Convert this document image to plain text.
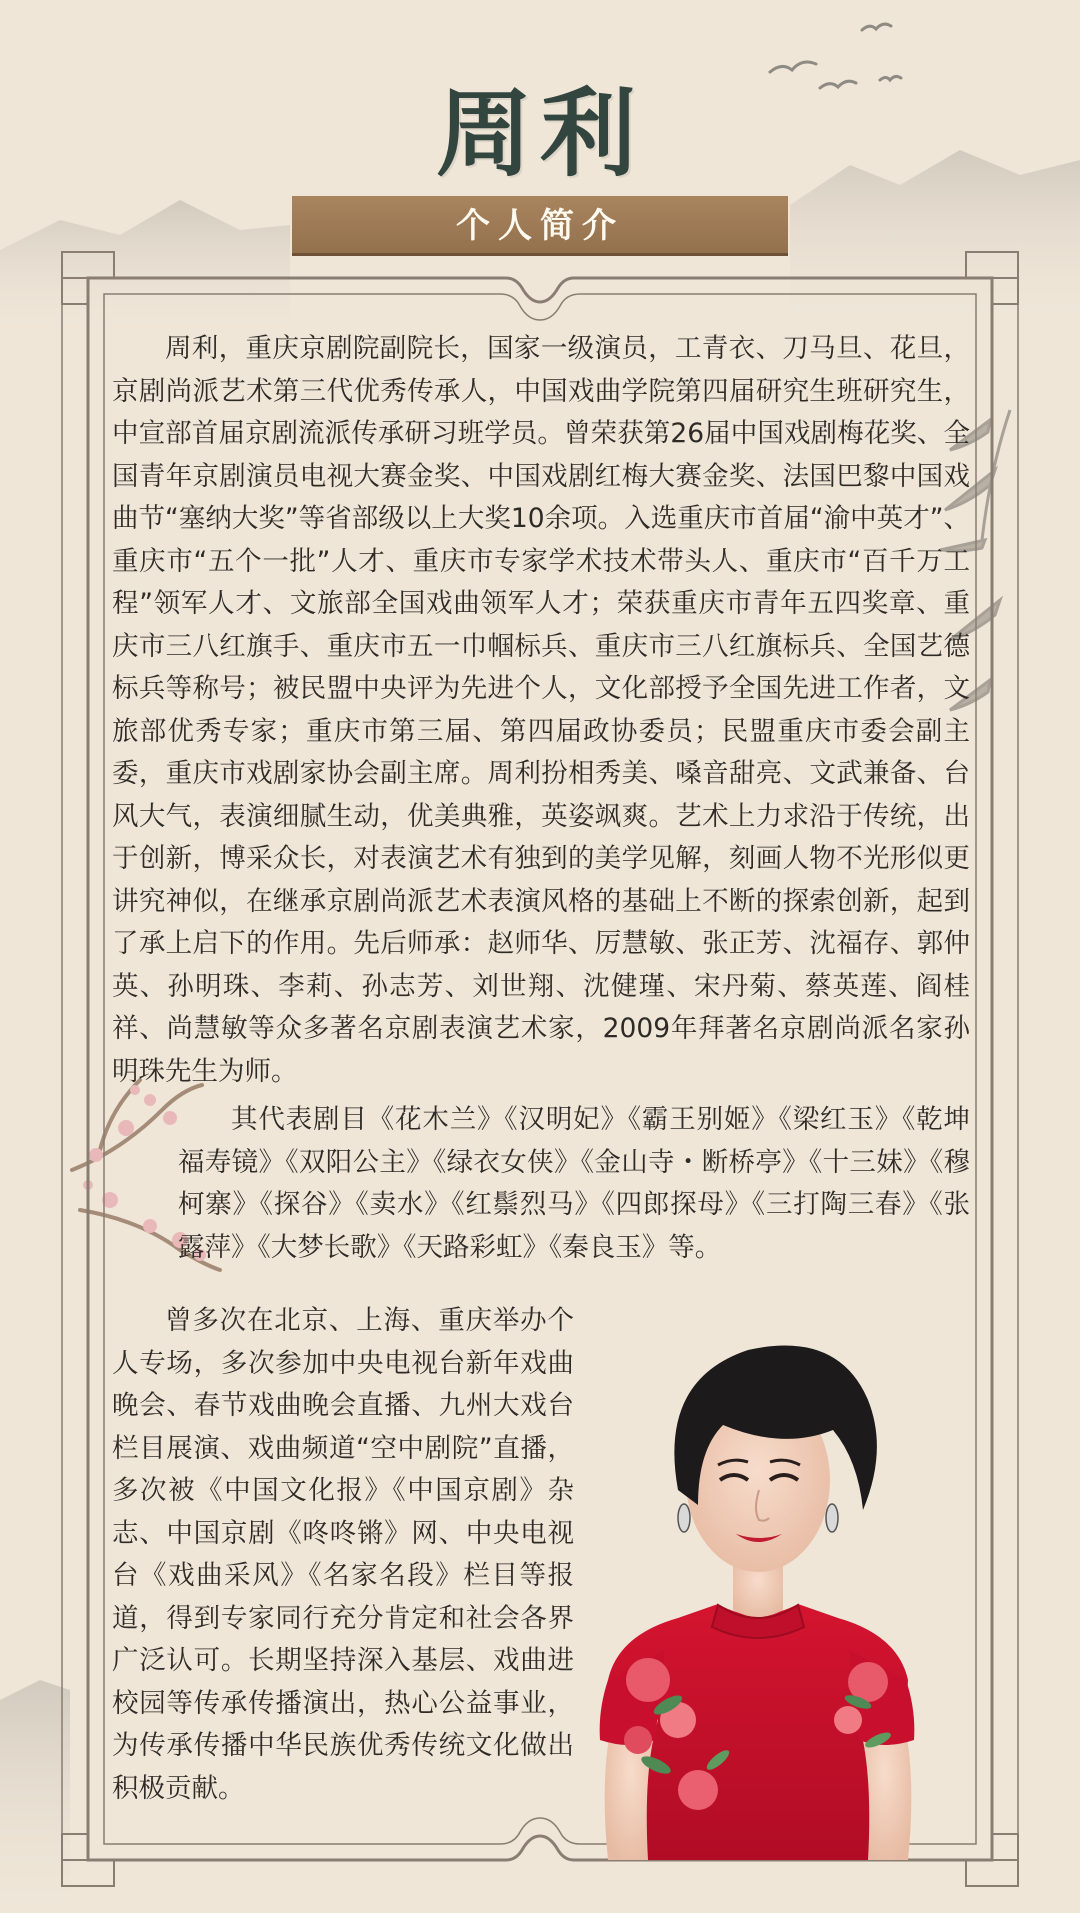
周利
个人简介

周利，重庆京剧院副院长，国家一级演员，工青衣、刀马旦、花旦，京剧尚派艺术第三代优秀传承人，中国戏曲学院第四届研究生班研究生，中宣部首届京剧流派传承研习班学员。曾荣获第26届中国戏剧梅花奖、全国青年京剧演员电视大赛金奖、中国戏剧红梅大赛金奖、法国巴黎中国戏曲节“塞纳大奖”等省部级以上大奖10余项。入选重庆市首届“渝中英才”、重庆市“五个一批”人才、重庆市专家学术技术带头人、重庆市“百千万工程”领军人才、文旅部全国戏曲领军人才；荣获重庆市青年五四奖章、重庆市三八红旗手、重庆市五一巾帼标兵、重庆市三八红旗标兵、全国艺德标兵等称号；被民盟中央评为先进个人，文化部授予全国先进工作者，文旅部优秀专家；重庆市第三届、第四届政协委员；民盟重庆市委会副主委，重庆市戏剧家协会副主席。周利扮相秀美、嗓音甜亮、文武兼备、台风大气，表演细腻生动，优美典雅，英姿飒爽。艺术上力求沿于传统，出于创新，博采众长，对表演艺术有独到的美学见解，刻画人物不光形似更讲究神似，在继承京剧尚派艺术表演风格的基础上不断的探索创新，起到了承上启下的作用。先后师承：赵师华、厉慧敏、张正芳、沈福存、郭仲英、孙明珠、李莉、孙志芳、刘世翔、沈健瑾、宋丹菊、蔡英莲、阎桂祥、尚慧敏等众多著名京剧表演艺术家，2009年拜著名京剧尚派名家孙明珠先生为师。

其代表剧目《花木兰》《汉明妃》《霸王别姬》《梁红玉》《乾坤福寿镜》《双阳公主》《绿衣女侠》《金山寺・断桥亭》《十三妹》《穆柯寨》《探谷》《卖水》《红鬃烈马》《四郎探母》《三打陶三春》《张露萍》《大梦长歌》《天路彩虹》《秦良玉》等。

曾多次在北京、上海、重庆举办个人专场，多次参加中央电视台新年戏曲晚会、春节戏曲晚会直播、九州大戏台栏目展演、戏曲频道“空中剧院”直播，多次被《中国文化报》《中国京剧》杂志、中国京剧《咚咚锵》网、中央电视台《戏曲采风》《名家名段》栏目等报道，得到专家同行充分肯定和社会各界广泛认可。长期坚持深入基层、戏曲进校园等传承传播演出，热心公益事业，为传承传播中华民族优秀传统文化做出积极贡献。
